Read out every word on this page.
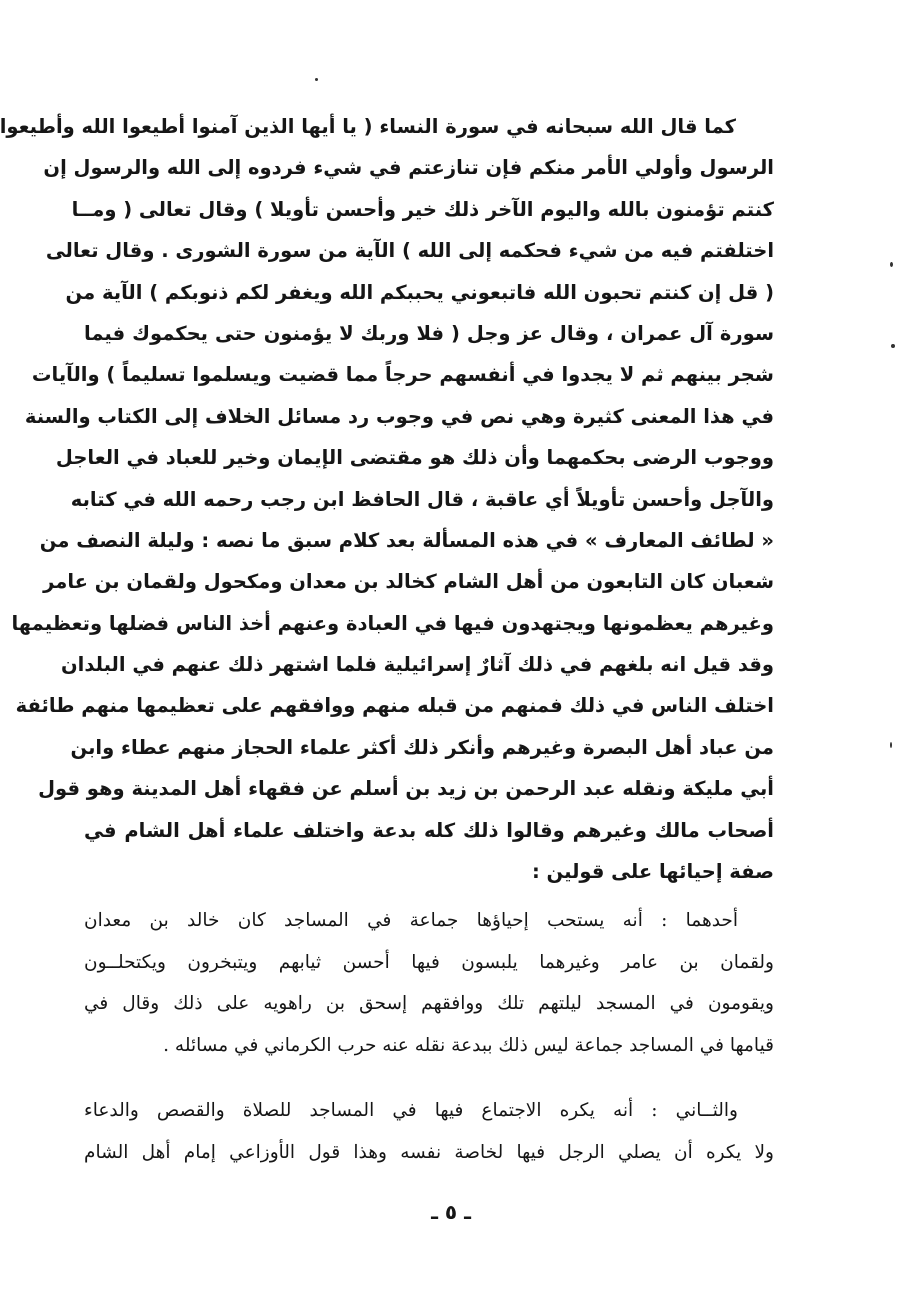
كما قال الله سبحانه في سورة النساء ( يا أيها الذين آمنوا أطيعوا الله وأطيعوا
الرسول وأولي الأمر منكم فإن تنازعتم في شيء فردوه إلى الله والرسول إن
كنتم تؤمنون بالله واليوم الآخر ذلك خير وأحسن تأويلا ) وقال تعالى ( ومــا
اختلفتم فيه من شيء فحكمه إلى الله ) الآية من سورة الشورى . وقال تعالى
( قل إن كنتم تحبون الله فاتبعوني يحببكم الله ويغفر لكم ذنوبكم ) الآية من
سورة آل عمران ، وقال عز وجل ( فلا وربك لا يؤمنون حتى يحكموك فيما
شجر بينهم ثم لا يجدوا في أنفسهم حرجاً مما قضيت ويسلموا تسليماً ) والآيات
في هذا المعنى كثيرة وهي نص في وجوب رد مسائل الخلاف إلى الكتاب والسنة
ووجوب الرضى بحكمهما وأن ذلك هو مقتضى الإيمان وخير للعباد في العاجل
والآجل وأحسن تأويلاً أي عاقبة ، قال الحافظ ابن رجب رحمه الله في كتابه
« لطائف المعارف » في هذه المسألة بعد كلام سبق ما نصه : وليلة النصف من
شعبان كان التابعون من أهل الشام كخالد بن معدان ومكحول ولقمان بن عامر
وغيرهم يعظمونها ويجتهدون فيها في العبادة وعنهم أخذ الناس فضلها وتعظيمها
وقد قيل انه بلغهم في ذلك آثارٌ إسرائيلية فلما اشتهر ذلك عنهم في البلدان
اختلف الناس في ذلك فمنهم من قبله منهم ووافقهم على تعظيمها منهم طائفة
من عباد أهل البصرة وغيرهم وأنكر ذلك أكثر علماء الحجاز منهم عطاء وابن
أبي مليكة ونقله عبد الرحمن بن زيد بن أسلم عن فقهاء أهل المدينة وهو قول
أصحاب مالك وغيرهم وقالوا ذلك كله بدعة واختلف علماء أهل الشام في
صفة إحيائها على قولين :
أحدهما : أنه يستحب إحياؤها جماعة في المساجد كان خالد بن معدان
ولقمان بن عامر وغيرهما يلبسون فيها أحسن ثيابهم ويتبخرون ويكتحلــون
ويقومون في المسجد ليلتهم تلك ووافقهم إسحق بن راهويه على ذلك وقال في
قيامها في المساجد جماعة ليس ذلك ببدعة نقله عنه حرب الكرماني في مسائله .
والثــاني : أنه يكره الاجتماع فيها في المساجد للصلاة والقصص والدعاء
ولا يكره أن يصلي الرجل فيها لخاصة نفسه وهذا قول الأوزاعي إمام أهل الشام
ـ ٥ ـ
